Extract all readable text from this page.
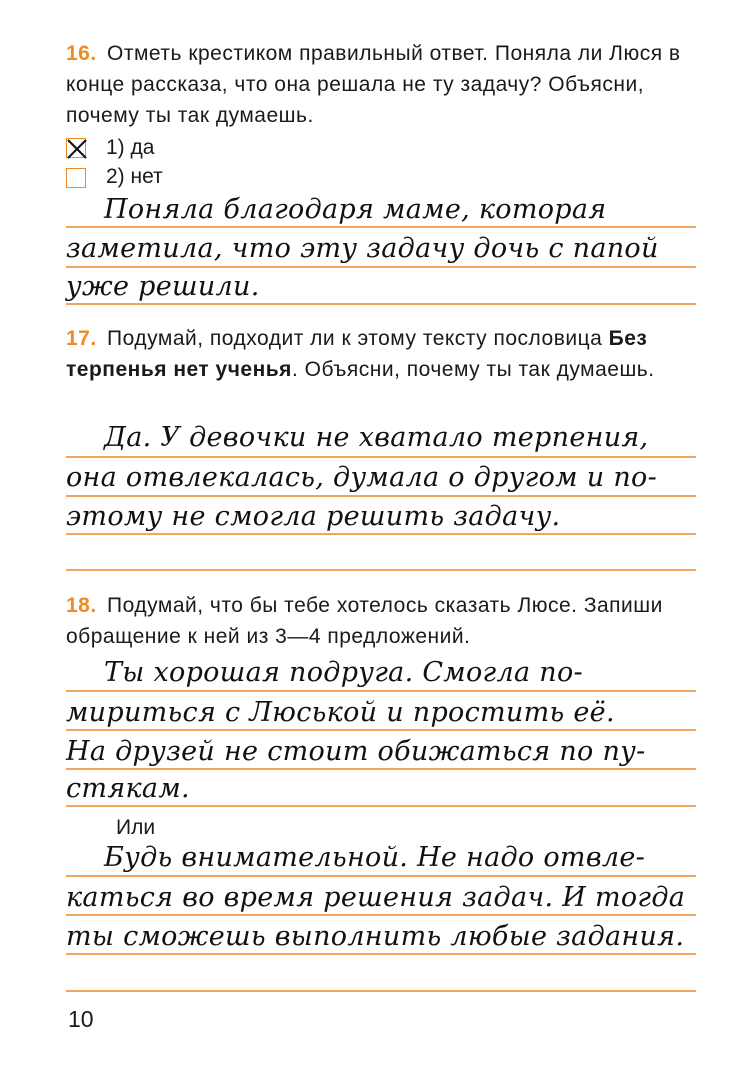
16. Отметь крестиком правильный ответ. Поняла ли Люся в конце рассказа, что она решала не ту задачу? Объясни, почему ты так думаешь.
1) да
2) нет
Поняла благодаря маме, которая
заметила, что эту задачу дочь с папой
уже решили.
17. Подумай, подходит ли к этому тексту пословица Без терпенья нет ученья. Объясни, почему ты так думаешь.
Да. У девочки не хватало терпения,
она отвлекалась, думала о другом и по-
этому не смогла решить задачу.
18. Подумай, что бы тебе хотелось сказать Люсе. Запиши обращение к ней из 3—4 предложений.
Ты хорошая подруга. Смогла по-
мириться с Люськой и простить её.
На друзей не стоит обижаться по пу-
стякам.
Или
Будь внимательной. Не надо отвле-
каться во время решения задач. И тогда
ты сможешь выполнить любые задания.
10
